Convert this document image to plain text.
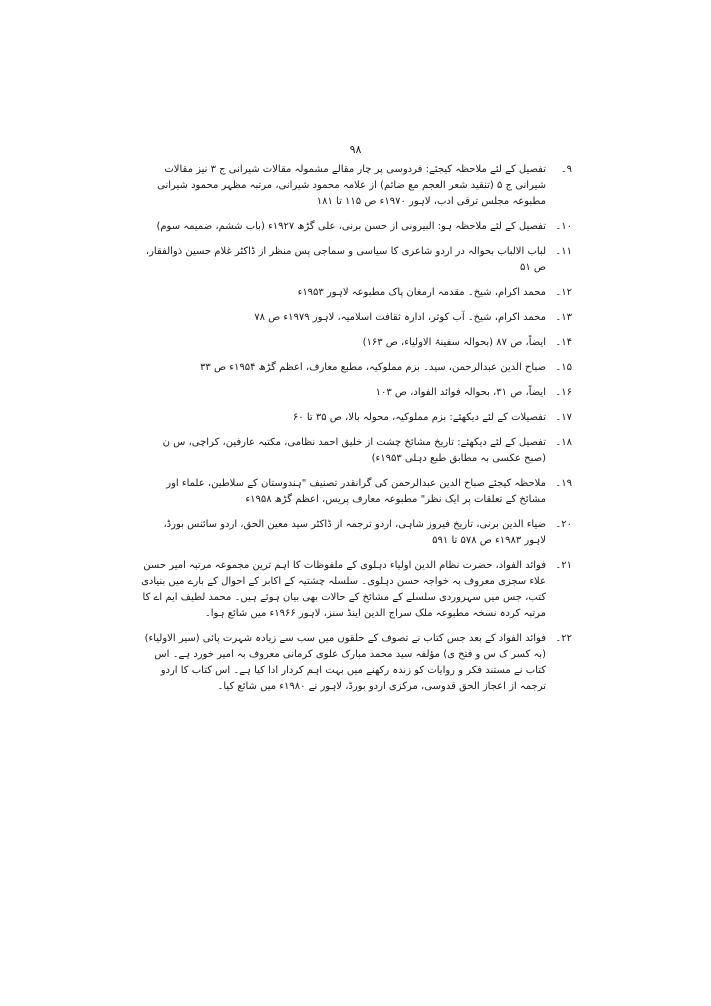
۹۸
۹۔
تفصیل کے لئے ملاحظہ کیجئے: فردوسی پر چار مقالے مشمولہ مقالات شیرانی ج ۳ نیز مقالات شیرانی ج ۵ (تنقید شعر العجم مع ضائم) از علامہ محمود شیرانی، مرتبہ مظہر محمود شیرانی مطبوعہ مجلس ترقی ادب، لاہور ۱۹۷۰ء ص ۱۱۵ تا ۱۸۱
۱۰۔
تفصیل کے لئے ملاحظہ ہو: البیرونی از حسن برنی، علی گڑھ ۱۹۲۷ء (باب ششم، ضمیمہ سوم)
۱۱۔
لباب الالباب بحوالہ در اردو شاعری کا سیاسی و سماجی پس منظر از ڈاکٹر غلام حسین ذوالفقار، ص ۵۱
۱۲۔
محمد اکرام، شیخ۔ مقدمہ ارمغان پاک مطبوعہ لاہور ۱۹۵۳ء
۱۳۔
محمد اکرام، شیخ۔ آب کوثر، ادارہ ثقافت اسلامیہ، لاہور ۱۹۷۹ء ص ۷۸
۱۴۔
ایضاً، ص ۸۷ (بحوالہ سفینۃ الاولیاء، ص ۱۶۳)
۱۵۔
صباح الدین عبدالرحمن، سید۔ بزم مملوکیہ، مطبع معارف، اعظم گڑھ ۱۹۵۴ء ص ۳۳
۱۶۔
ایضاً، ص ۳۱، بحوالہ فوائد الفواد، ص ۱۰۳
۱۷۔
تفصیلات کے لئے دیکھئے: بزم مملوکیہ، محولہ بالا، ص ۳۵ تا ۶۰
۱۸۔
تفصیل کے لئے دیکھئے: تاریخ مشائخ چشت از خلیق احمد نظامی، مکتبہ عارفین، کراچی، س ن (صبح عکسی بہ مطابق طبع دہلی ۱۹۵۳ء)
۱۹۔
ملاحظہ کیجئے صباح الدین عبدالرحمن کی گرانقدر تصنیف "ہندوستان کے سلاطین، علماء اور مشائخ کے تعلقات پر ایک نظر" مطبوعہ معارف پریس، اعظم گڑھ ۱۹۵۸ء
۲۰۔
ضیاء الدین برنی، تاریخ فیروز شاہی، اردو ترجمہ از ڈاکٹر سید معین الحق، اردو سائنس بورڈ، لاہور ۱۹۸۳ء ص ۵۷۸ تا ۵۹۱
۲۱۔
فوائد الفواد، حضرت نظام الدین اولیاء دہلوی کے ملفوظات کا اہم ترین مجموعہ مرتبہ امیر حسن علاء سجزی معروف بہ خواجہ حسن دہلوی۔ سلسلہ چشتیہ کے اکابر کے احوال کے بارے میں بنیادی کتب، جس میں سہروردی سلسلے کے مشائخ کے حالات بھی بیان ہوئے ہیں۔ محمد لطیف ایم اے کا مرتبہ کردہ نسخہ مطبوعہ ملک سراج الدین اینڈ سنز، لاہور ۱۹۶۶ء میں شائع ہوا۔
۲۲۔
فوائد الفواد کے بعد جس کتاب نے تصوف کے حلقوں میں سب سے زیادہ شہرت پائی (سیر الاولیاء) (بہ کسر ک س و فتح ی) مؤلفہ سید محمد مبارک علوی کرمانی معروف بہ امیر خورد ہے۔ اس کتاب نے مستند فکر و روایات کو زندہ رکھنے میں بہت اہم کردار ادا کیا ہے۔ اس کتاب کا اردو ترجمہ از اعجاز الحق قدوسی، مرکزی اردو بورڈ، لاہور نے ۱۹۸۰ء میں شائع کیا۔
